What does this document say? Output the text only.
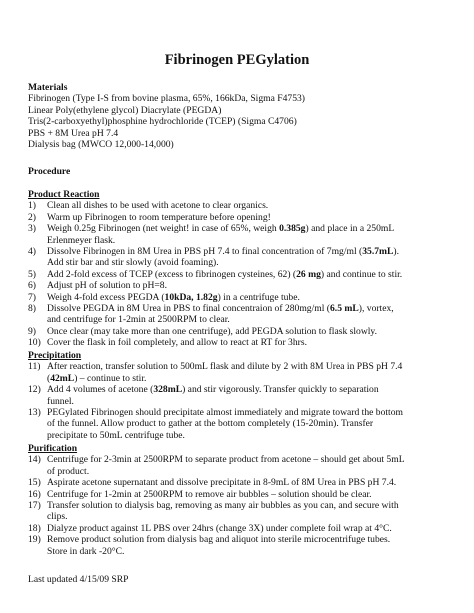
Fibrinogen PEGylation
Materials
Fibrinogen (Type I-S from bovine plasma, 65%, 166kDa, Sigma F4753)
Linear Poly(ethylene glycol) Diacrylate (PEGDA)
Tris(2-carboxyethyl)phosphine hydrochloride (TCEP) (Sigma C4706)
PBS + 8M Urea pH 7.4
Dialysis bag (MWCO 12,000-14,000)
Procedure
Product Reaction
1) Clean all dishes to be used with acetone to clear organics.
2) Warm up Fibrinogen to room temperature before opening!
3) Weigh 0.25g Fibrinogen (net weight! in case of 65%, weigh 0.385g) and place in a 250mL
Erlenmeyer flask.
4) Dissolve Fibrinogen in 8M Urea in PBS pH 7.4 to final concentration of 7mg/ml (35.7mL).
Add stir bar and stir slowly (avoid foaming).
5) Add 2-fold excess of TCEP (excess to fibrinogen cysteines, 62) (26 mg) and continue to stir.
6) Adjust pH of solution to pH=8.
7) Weigh 4-fold excess PEGDA (10kDa, 1.82g) in a centrifuge tube.
8) Dissolve PEGDA in 8M Urea in PBS to final concentraion of 280mg/ml (6.5 mL), vortex,
and centrifuge for 1-2min at 2500RPM to clear.
9) Once clear (may take more than one centrifuge), add PEGDA solution to flask slowly.
10) Cover the flask in foil completely, and allow to react at RT for 3hrs.
Precipitation
11) After reaction, transfer solution to 500mL flask and dilute by 2 with 8M Urea in PBS pH 7.4
(42mL) – continue to stir.
12) Add 4 volumes of acetone (328mL) and stir vigorously. Transfer quickly to separation
funnel.
13) PEGylated Fibrinogen should precipitate almost immediately and migrate toward the bottom
of the funnel. Allow product to gather at the bottom completely (15-20min). Transfer
precipitate to 50mL centrifuge tube.
Purification
14) Centrifuge for 2-3min at 2500RPM to separate product from acetone – should get about 5mL
of product.
15) Aspirate acetone supernatant and dissolve precipitate in 8-9mL of 8M Urea in PBS pH 7.4.
16) Centrifuge for 1-2min at 2500RPM to remove air bubbles – solution should be clear.
17) Transfer solution to dialysis bag, removing as many air bubbles as you can, and secure with
clips.
18) Dialyze product against 1L PBS over 24hrs (change 3X) under complete foil wrap at 4°C.
19) Remove product solution from dialysis bag and aliquot into sterile microcentrifuge tubes.
Store in dark -20°C.
Last updated 4/15/09 SRP
